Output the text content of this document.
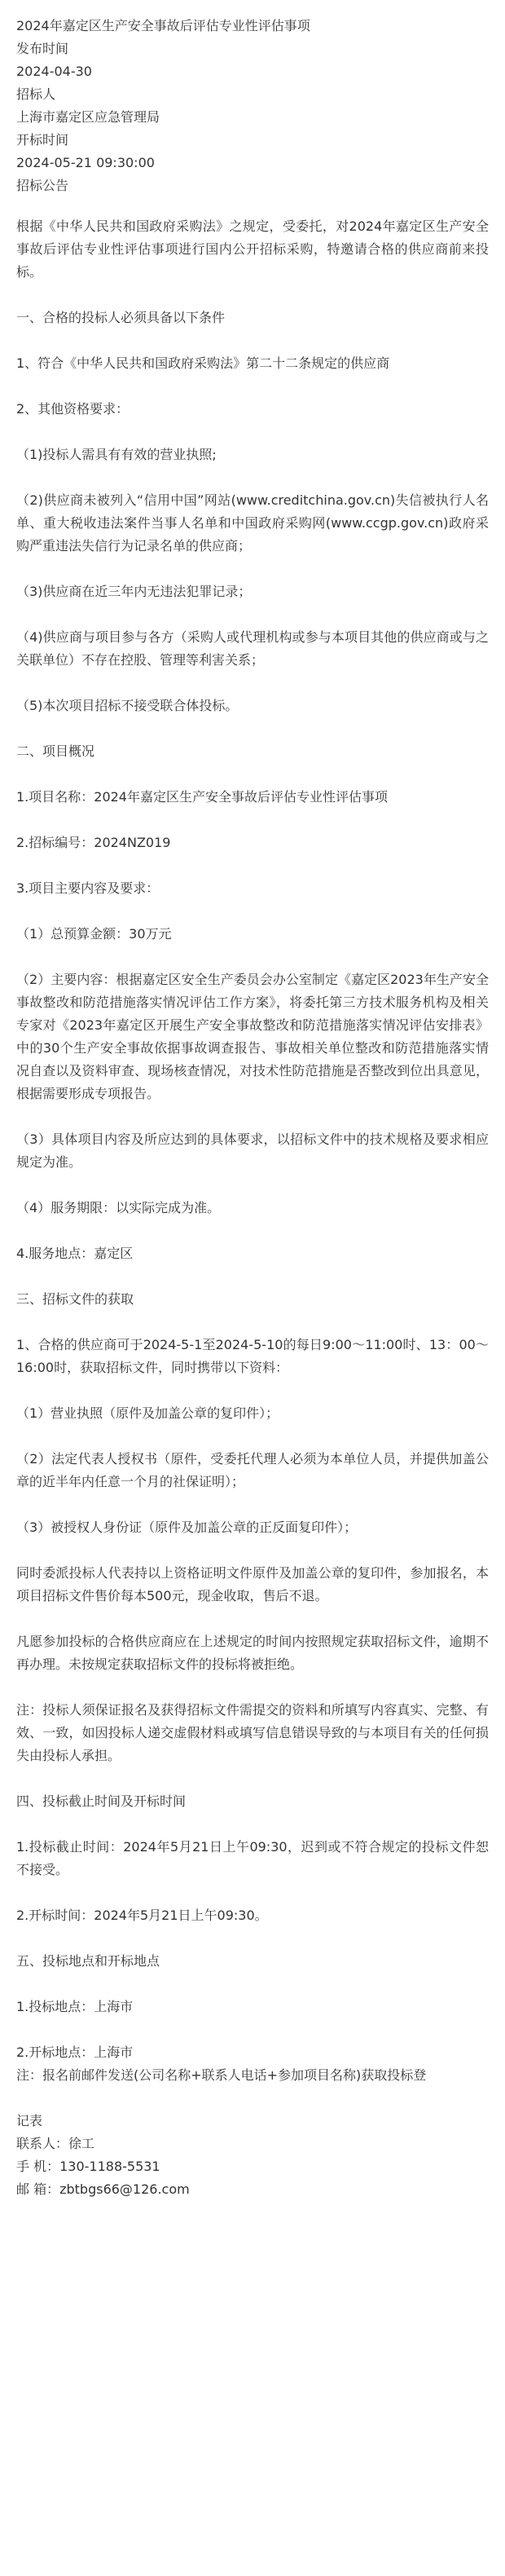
2024年嘉定区生产安全事故后评估专业性评估事项
发布时间
2024-04-30
招标人
上海市嘉定区应急管理局
开标时间
2024-05-21 09:30:00
招标公告

根据《中华人民共和国政府采购法》之规定，受委托，对2024年嘉定区生产安全事故后评估专业性评估事项进行国内公开招标采购，特邀请合格的供应商前来投标。

一、合格的投标人必须具备以下条件

1、符合《中华人民共和国政府采购法》第二十二条规定的供应商

2、其他资格要求：

（1)投标人需具有有效的营业执照;

（2)供应商未被列入“信用中国”网站(www.creditchina.gov.cn)失信被执行人名单、重大税收违法案件当事人名单和中国政府采购网(www.ccgp.gov.cn)政府采购严重违法失信行为记录名单的供应商；

（3)供应商在近三年内无违法犯罪记录；

（4)供应商与项目参与各方（采购人或代理机构或参与本项目其他的供应商或与之关联单位）不存在控股、管理等利害关系；

（5)本次项目招标不接受联合体投标。

二、项目概况

1.项目名称：2024年嘉定区生产安全事故后评估专业性评估事项

2.招标编号：2024NZ019

3.项目主要内容及要求：

（1）总预算金额：30万元

（2）主要内容：根据嘉定区安全生产委员会办公室制定《嘉定区2023年生产安全事故整改和防范措施落实情况评估工作方案》，将委托第三方技术服务机构及相关专家对《2023年嘉定区开展生产安全事故整改和防范措施落实情况评估安排表》中的30个生产安全事故依据事故调查报告、事故相关单位整改和防范措施落实情况自查以及资料审查、现场核查情况，对技术性防范措施是否整改到位出具意见，根据需要形成专项报告。

（3）具体项目内容及所应达到的具体要求，以招标文件中的技术规格及要求相应规定为准。

（4）服务期限：以实际完成为准。

4.服务地点：嘉定区

三、招标文件的获取

1、合格的供应商可于2024-5-1至2024-5-10的每日9:00～11:00时、13：00～16:00时，获取招标文件，同时携带以下资料：

（1）营业执照（原件及加盖公章的复印件）；

（2）法定代表人授权书（原件，受委托代理人必须为本单位人员，并提供加盖公章的近半年内任意一个月的社保证明）；

（3）被授权人身份证（原件及加盖公章的正反面复印件）；

同时委派投标人代表持以上资格证明文件原件及加盖公章的复印件，参加报名，本项目招标文件售价每本500元，现金收取，售后不退。

凡愿参加投标的合格供应商应在上述规定的时间内按照规定获取招标文件，逾期不再办理。未按规定获取招标文件的投标将被拒绝。

注：投标人须保证报名及获得招标文件需提交的资料和所填写内容真实、完整、有效、一致，如因投标人递交虚假材料或填写信息错误导致的与本项目有关的任何损失由投标人承担。

四、投标截止时间及开标时间

1.投标截止时间：2024年5月21日上午09:30，迟到或不符合规定的投标文件恕不接受。

2.开标时间：2024年5月21日上午09:30。

五、投标地点和开标地点

1.投标地点：上海市

2.开标地点：上海市
注：报名前邮件发送(公司名称+联系人电话+参加项目名称)获取投标登
记表
联系人：徐工
手 机：130-1188-5531
邮 箱：zbtbgs66@126.com
